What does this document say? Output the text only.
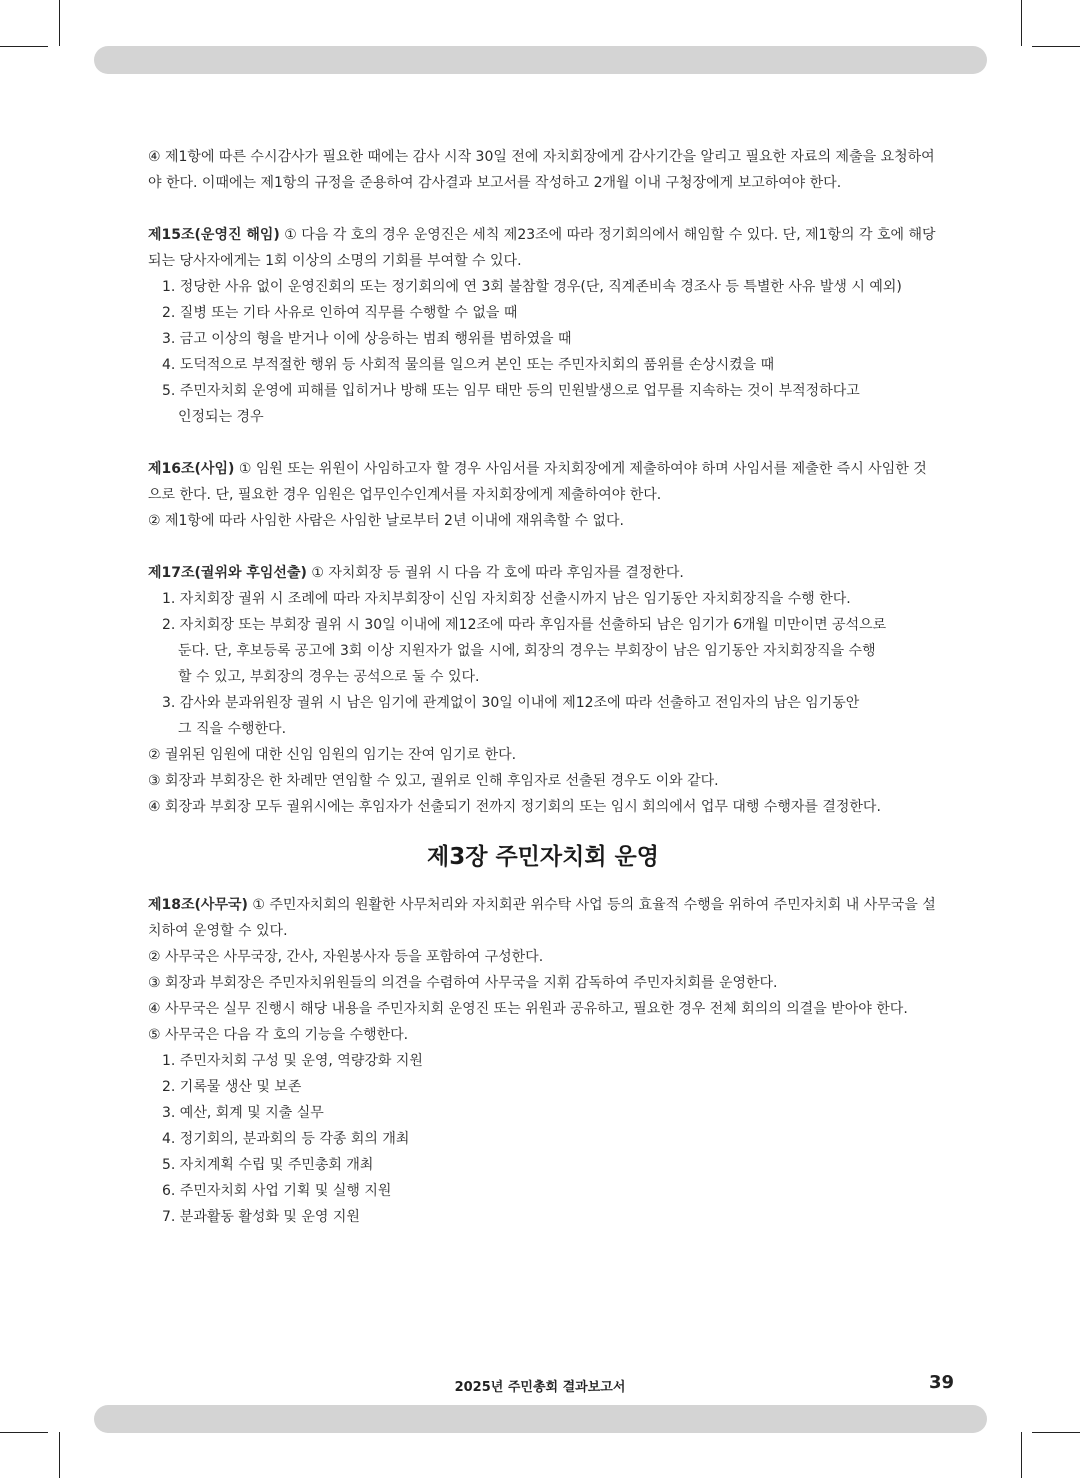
④ 제1항에 따른 수시감사가 필요한 때에는 감사 시작 30일 전에 자치회장에게 감사기간을 알리고 필요한 자료의 제출을 요청하여야 한다. 이때에는 제1항의 규정을 준용하여 감사결과 보고서를 작성하고 2개월 이내 구청장에게 보고하여야 한다.

제15조(운영진 해임) ① 다음 각 호의 경우 운영진은 세칙 제23조에 따라 정기회의에서 해임할 수 있다. 단, 제1항의 각 호에 해당되는 당사자에게는 1회 이상의 소명의 기회를 부여할 수 있다.

1. 정당한 사유 없이 운영진회의 또는 정기회의에 연 3회 불참할 경우(단, 직계존비속 경조사 등 특별한 사유 발생 시 예외)

2. 질병 또는 기타 사유로 인하여 직무를 수행할 수 없을 때

3. 금고 이상의 형을 받거나 이에 상응하는 범죄 행위를 범하였을 때

4. 도덕적으로 부적절한 행위 등 사회적 물의를 일으켜 본인 또는 주민자치회의 품위를 손상시켰을 때

5. 주민자치회 운영에 피해를 입히거나 방해 또는 임무 태만 등의 민원발생으로 업무를 지속하는 것이 부적정하다고

인정되는 경우

제16조(사임) ① 임원 또는 위원이 사임하고자 할 경우 사임서를 자치회장에게 제출하여야 하며 사임서를 제출한 즉시 사임한 것으로 한다. 단, 필요한 경우 임원은 업무인수인계서를 자치회장에게 제출하여야 한다.

② 제1항에 따라 사임한 사람은 사임한 날로부터 2년 이내에 재위촉할 수 없다.

제17조(궐위와 후임선출) ① 자치회장 등 궐위 시 다음 각 호에 따라 후임자를 결정한다.

1. 자치회장 궐위 시 조례에 따라 자치부회장이 신임 자치회장 선출시까지 남은 임기동안 자치회장직을 수행 한다.

2. 자치회장 또는 부회장 궐위 시 30일 이내에 제12조에 따라 후임자를 선출하되 남은 임기가 6개월 미만이면 공석으로

둔다. 단, 후보등록 공고에 3회 이상 지원자가 없을 시에, 회장의 경우는 부회장이 남은 임기동안 자치회장직을 수행

할 수 있고, 부회장의 경우는 공석으로 둘 수 있다.

3. 감사와 분과위원장 궐위 시 남은 임기에 관계없이 30일 이내에 제12조에 따라 선출하고 전임자의 남은 임기동안

그 직을 수행한다.

② 궐위된 임원에 대한 신임 임원의 임기는 잔여 임기로 한다.

③ 회장과 부회장은 한 차례만 연임할 수 있고, 궐위로 인해 후임자로 선출된 경우도 이와 같다.

④ 회장과 부회장 모두 궐위시에는 후임자가 선출되기 전까지 정기회의 또는 임시 회의에서 업무 대행 수행자를 결정한다.

제3장 주민자치회 운영

제18조(사무국) ① 주민자치회의 원활한 사무처리와 자치회관 위수탁 사업 등의 효율적 수행을 위하여 주민자치회 내 사무국을 설치하여 운영할 수 있다.

② 사무국은 사무국장, 간사, 자원봉사자 등을 포함하여 구성한다.

③ 회장과 부회장은 주민자치위원들의 의견을 수렴하여 사무국을 지휘 감독하여 주민자치회를 운영한다.

④ 사무국은 실무 진행시 해당 내용을 주민자치회 운영진 또는 위원과 공유하고, 필요한 경우 전체 회의의 의결을 받아야 한다.

⑤ 사무국은 다음 각 호의 기능을 수행한다.

1. 주민자치회 구성 및 운영, 역량강화 지원

2. 기록물 생산 및 보존

3. 예산, 회계 및 지출 실무

4. 정기회의, 분과회의 등 각종 회의 개최

5. 자치계획 수립 및 주민총회 개최

6. 주민자치회 사업 기획 및 실행 지원

7. 분과활동 활성화 및 운영 지원

2025년 주민총회 결과보고서	39
